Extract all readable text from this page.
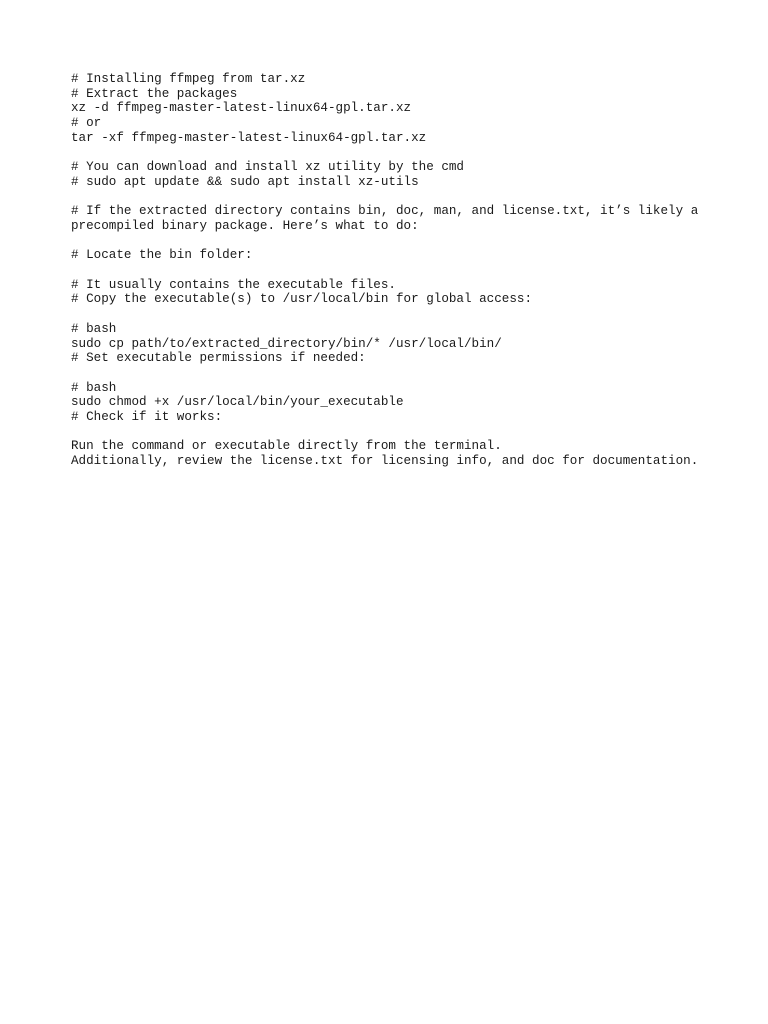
# Installing ffmpeg from tar.xz
# Extract the packages
xz -d ffmpeg-master-latest-linux64-gpl.tar.xz
# or
tar -xf ffmpeg-master-latest-linux64-gpl.tar.xz
# You can download and install xz utility by the cmd
# sudo apt update && sudo apt install xz-utils
# If the extracted directory contains bin, doc, man, and license.txt, it’s likely a
precompiled binary package. Here’s what to do:
# Locate the bin folder:
# It usually contains the executable files.
# Copy the executable(s) to /usr/local/bin for global access:
# bash
sudo cp path/to/extracted_directory/bin/* /usr/local/bin/
# Set executable permissions if needed:
# bash
sudo chmod +x /usr/local/bin/your_executable
# Check if it works:
Run the command or executable directly from the terminal.
Additionally, review the license.txt for licensing info, and doc for documentation.
